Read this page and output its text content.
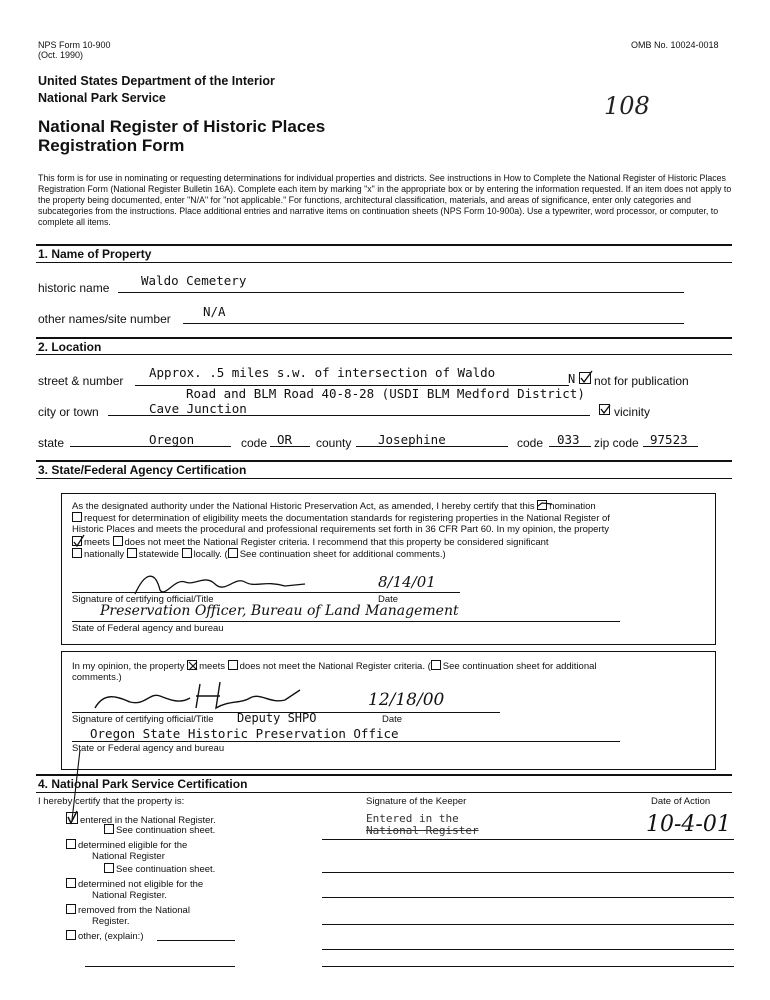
NPS Form 10-900
(Oct. 1990)
OMB No. 10024-0018
United States Department of the Interior
National Park Service
National Register of Historic Places
Registration Form
108
This form is for use in nominating or requesting determinations for individual properties and districts. See instructions in How to Complete the National Register of Historic Places Registration Form (National Register Bulletin 16A). Complete each item by marking "x" in the appropriate box or by entering the information requested. If an item does not apply to the property being documented, enter "N/A" for "not applicable." For functions, architectural classification, materials, and areas of significance, enter only categories and subcategories from the instructions. Place additional entries and narrative items on continuation sheets (NPS Form 10-900a). Use a typewriter, word processor, or computer, to complete all items.
1. Name of Property
historic name	Waldo Cemetery
other names/site number	N/A
2. Location
street & number
Approx. .5 miles s.w. of intersection of Waldo	N not for publication
Road and BLM Road 40-8-28 (USDI BLM Medford District)
city or town	Cave Junction	vicinity
state	Oregon	code OR county Josephine	code 033 zip code 97523
3. State/Federal Agency Certification
As the designated authority under the National Historic Preservation Act, as amended, I hereby certify that this nomination
request for determination of eligibility meets the documentation standards for registering properties in the National Register of
Historic Places and meets the procedural and professional requirements set forth in 36 CFR Part 60. In my opinion, the property
meets does not meet the National Register criteria. I recommend that this property be considered significant
nationally statewide locally. ( See continuation sheet for additional comments.)
8/14/01
Signature of certifying official/Title	Date
Preservation Officer, Bureau of Land Management
State of Federal agency and bureau
In my opinion, the property meets does not meet the National Register criteria. ( See continuation sheet for additional
comments.)
12/18/00
Signature of certifying official/Title Deputy SHPO	Date
Oregon State Historic Preservation Office
State or Federal agency and bureau
4. National Park Service Certification
I hereby certify that the property is:	Signature of the Keeper	Date of Action
entered in the National Register.
See continuation sheet.
determined eligible for the
National Register
See continuation sheet.
determined not eligible for the
National Register.
removed from the National
Register.
other, (explain:)
Entered in the
National Register	10-4-01
